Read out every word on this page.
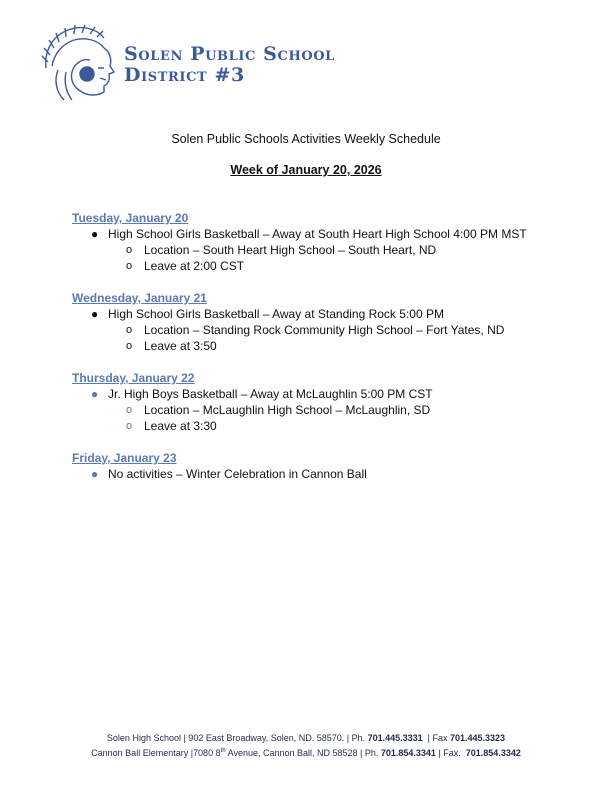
Solen Public School
District #3
Solen Public Schools Activities Weekly Schedule
Week of January 20, 2026
Tuesday, January 20
● High School Girls Basketball – Away at South Heart High School 4:00 PM MST
o Location – South Heart High School – South Heart, ND
o Leave at 2:00 CST
Wednesday, January 21
● High School Girls Basketball – Away at Standing Rock 5:00 PM
o Location – Standing Rock Community High School – Fort Yates, ND
o Leave at 3:50
Thursday, January 22
● Jr. High Boys Basketball – Away at McLaughlin 5:00 PM CST
o Location – McLaughlin High School – McLaughlin, SD
o Leave at 3:30
Friday, January 23
● No activities – Winter Celebration in Cannon Ball
Solen High School | 902 East Broadway, Solen, ND. 58570. | Ph. 701.445.3331  | Fax 701.445.3323
Cannon Ball Elementary |7080 8th Avenue, Cannon Ball, ND 58528 | Ph. 701.854.3341 | Fax.  701.854.3342
